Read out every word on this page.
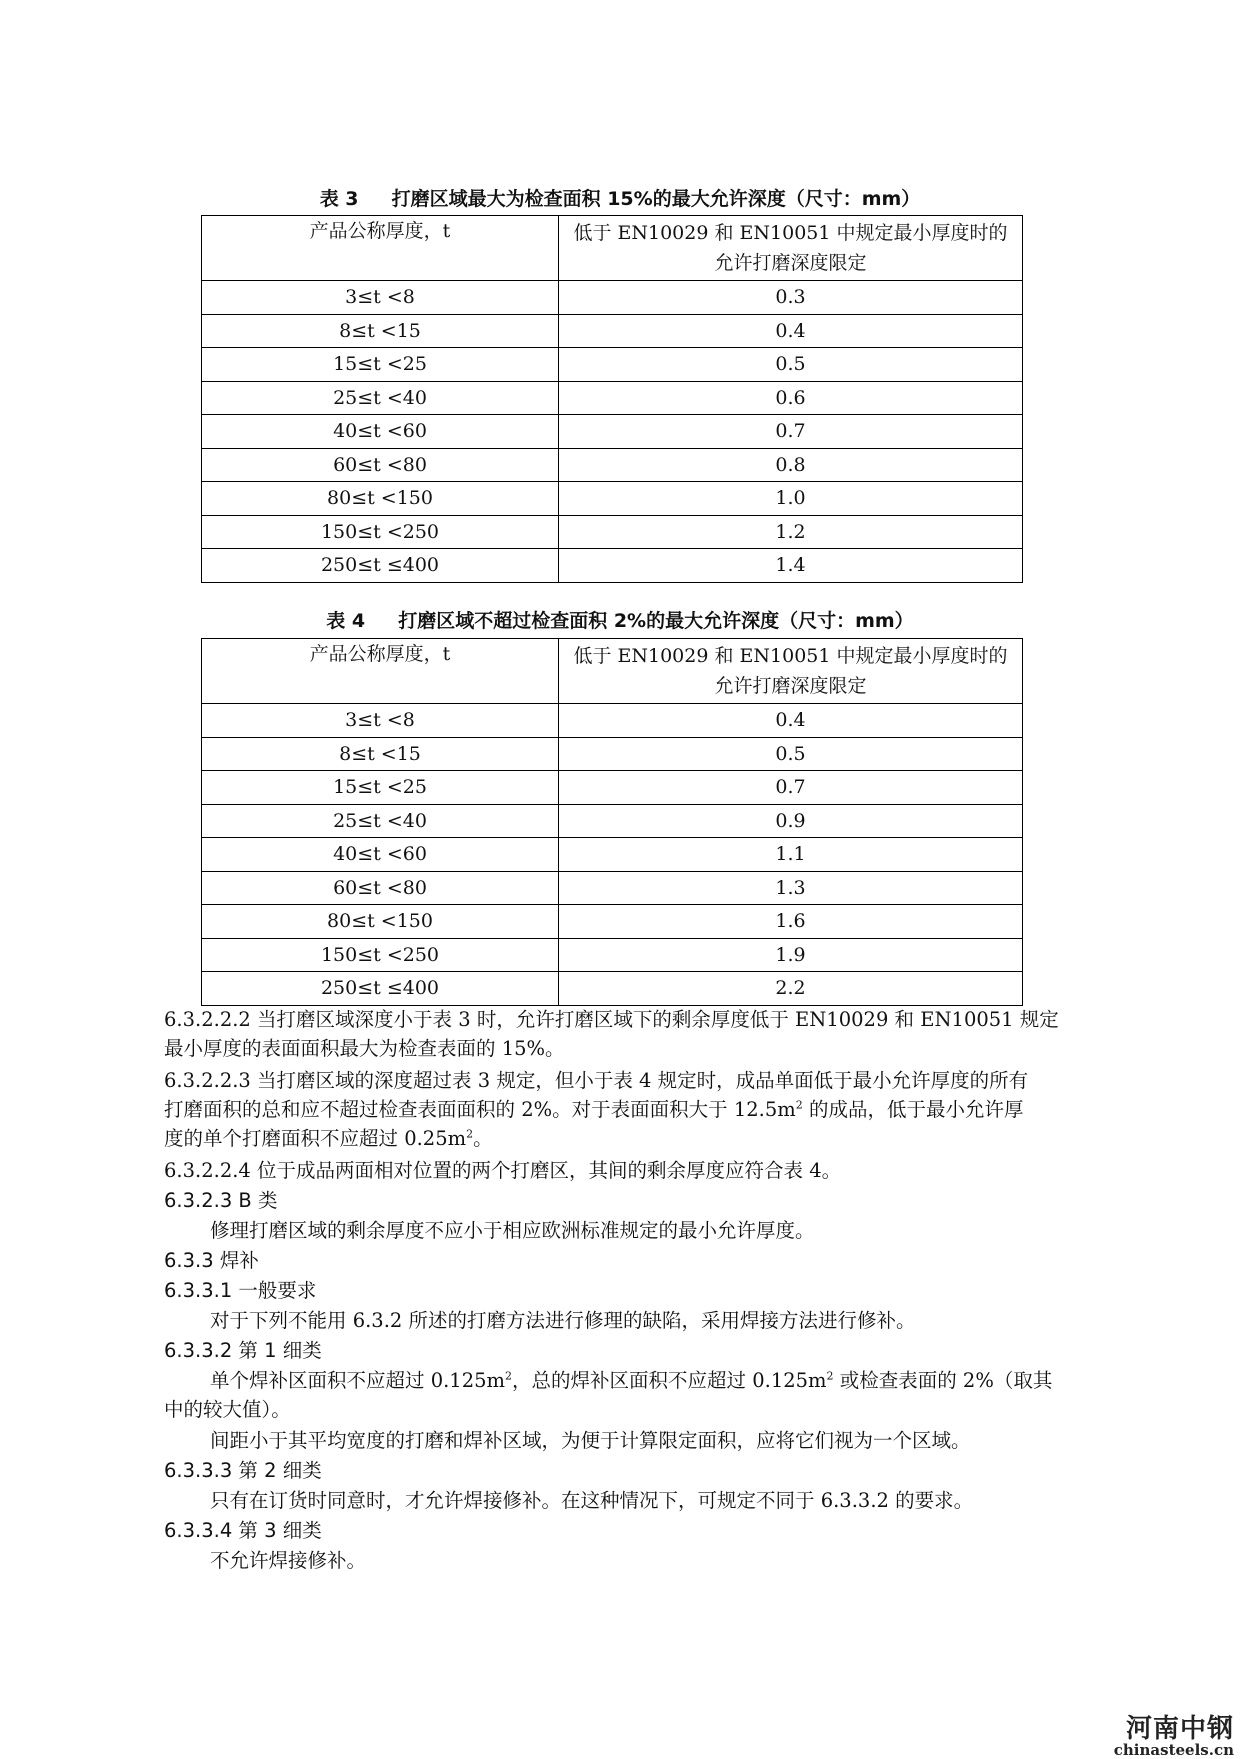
表 3     打磨区域最大为检查面积 15%的最大允许深度（尺寸：mm）
产品公称厚度，t	低于 EN10029 和 EN10051 中规定最小厚度时的
允许打磨深度限定

3≤t <8	0.3
8≤t <15	0.4
15≤t <25	0.5
25≤t <40	0.6
40≤t <60	0.7
60≤t <80	0.8
80≤t <150	1.0
150≤t <250	1.2
250≤t ≤400	1.4
表 4     打磨区域不超过检查面积 2%的最大允许深度（尺寸：mm）
产品公称厚度，t	低于 EN10029 和 EN10051 中规定最小厚度时的
允许打磨深度限定

3≤t <8	0.4
8≤t <15	0.5
15≤t <25	0.7
25≤t <40	0.9
40≤t <60	1.1
60≤t <80	1.3
80≤t <150	1.6
150≤t <250	1.9
250≤t ≤400	2.2
6.3.2.2.2 当打磨区域深度小于表 3 时，允许打磨区域下的剩余厚度低于 EN10029 和 EN10051 规定
最小厚度的表面面积最大为检查表面的 15%。
6.3.2.2.3 当打磨区域的深度超过表 3 规定，但小于表 4 规定时，成品单面低于最小允许厚度的所有
打磨面积的总和应不超过检查表面面积的 2%。对于表面面积大于 $12.5m^2$ 的成品，低于最小允许厚
度的单个打磨面积不应超过 $0.25m^2$。
6.3.2.2.4 位于成品两面相对位置的两个打磨区，其间的剩余厚度应符合表 4。
6.3.2.3 B 类
修理打磨区域的剩余厚度不应小于相应欧洲标准规定的最小允许厚度。
6.3.3 焊补
6.3.3.1 一般要求
对于下列不能用 6.3.2 所述的打磨方法进行修理的缺陷，采用焊接方法进行修补。
6.3.3.2 第 1 细类
单个焊补区面积不应超过 $0.125m^2$，总的焊补区面积不应超过 $0.125m^2$ 或检查表面的 2%（取其
中的较大值）。
间距小于其平均宽度的打磨和焊补区域，为便于计算限定面积，应将它们视为一个区域。
6.3.3.3 第 2 细类
只有在订货时同意时，才允许焊接修补。在这种情况下，可规定不同于 6.3.3.2 的要求。
6.3.3.4 第 3 细类
不允许焊接修补。
河南中钢
chinasteels.cn
